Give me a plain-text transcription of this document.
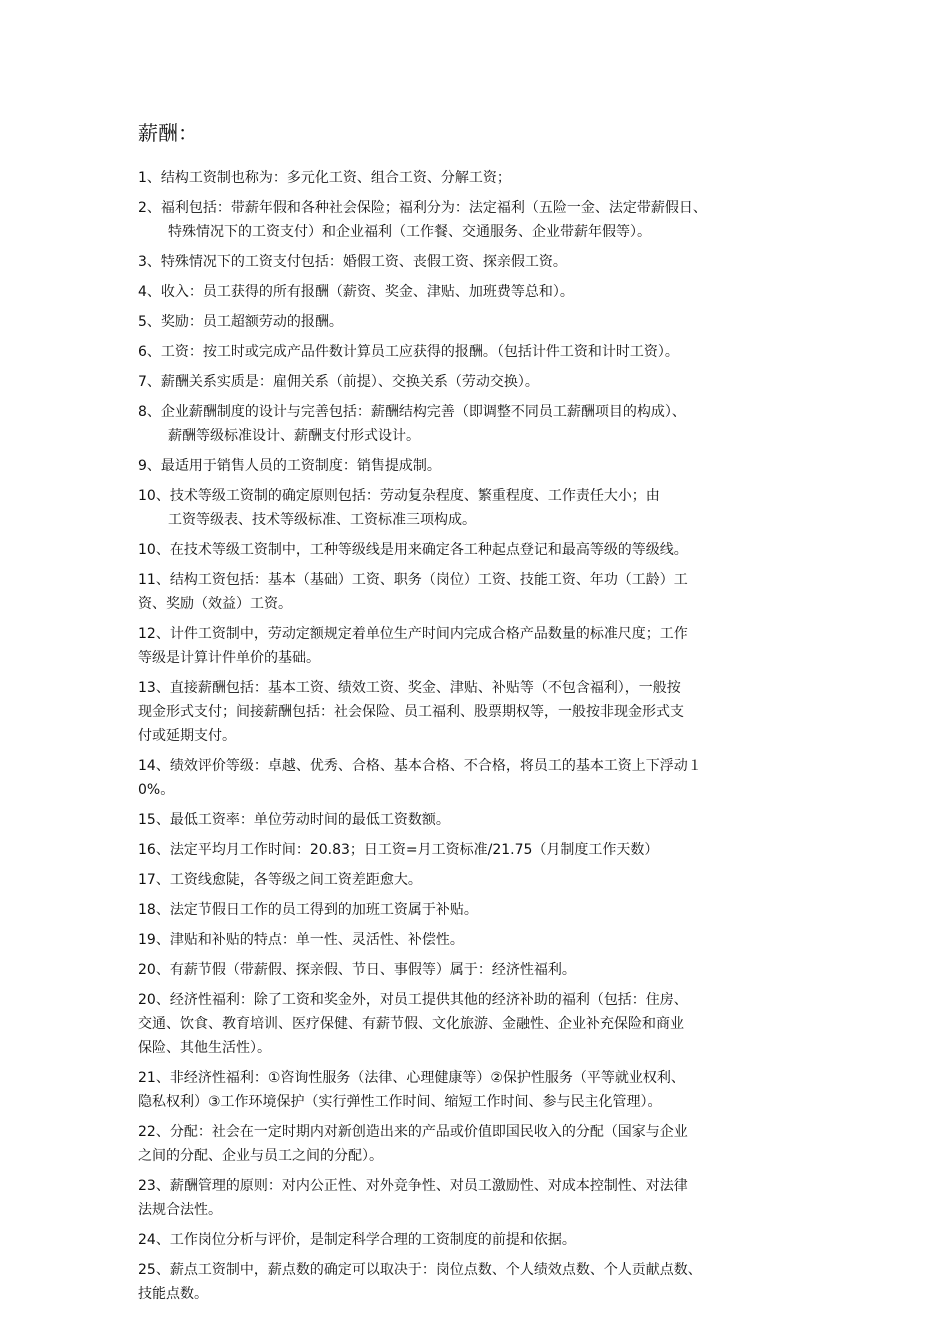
薪酬：
1、结构工资制也称为：多元化工资、组合工资、分解工资；
2、福利包括：带薪年假和各种社会保险；福利分为：法定福利（五险一金、法定带薪假日、
特殊情况下的工资支付）和企业福利（工作餐、交通服务、企业带薪年假等）。
3、特殊情况下的工资支付包括：婚假工资、丧假工资、探亲假工资。
4、收入：员工获得的所有报酬（薪资、奖金、津贴、加班费等总和）。
5、奖励：员工超额劳动的报酬。
6、工资：按工时或完成产品件数计算员工应获得的报酬。（包括计件工资和计时工资）。
7、薪酬关系实质是：雇佣关系（前提）、交换关系（劳动交换）。
8、企业薪酬制度的设计与完善包括：薪酬结构完善（即调整不同员工薪酬项目的构成）、
薪酬等级标准设计、薪酬支付形式设计。
9、最适用于销售人员的工资制度：销售提成制。
10、技术等级工资制的确定原则包括：劳动复杂程度、繁重程度、工作责任大小；由
工资等级表、技术等级标准、工资标准三项构成。
10、在技术等级工资制中，工种等级线是用来确定各工种起点登记和最高等级的等级线。
11、结构工资包括：基本（基础）工资、职务（岗位）工资、技能工资、年功（工龄）工
资、奖励（效益）工资。
12、计件工资制中，劳动定额规定着单位生产时间内完成合格产品数量的标准尺度；工作
等级是计算计件单价的基础。
13、直接薪酬包括：基本工资、绩效工资、奖金、津贴、补贴等（不包含福利），一般按
现金形式支付；间接薪酬包括：社会保险、员工福利、股票期权等，一般按非现金形式支
付或延期支付。
14、绩效评价等级：卓越、优秀、合格、基本合格、不合格，将员工的基本工资上下浮动１
0%。
15、最低工资率：单位劳动时间的最低工资数额。
16、法定平均月工作时间：20.83；日工资=月工资标准/21.75（月制度工作天数）
17、工资线愈陡，各等级之间工资差距愈大。
18、法定节假日工作的员工得到的加班工资属于补贴。
19、津贴和补贴的特点：单一性、灵活性、补偿性。
20、有薪节假（带薪假、探亲假、节日、事假等）属于：经济性福利。
20、经济性福利：除了工资和奖金外，对员工提供其他的经济补助的福利（包括：住房、
交通、饮食、教育培训、医疗保健、有薪节假、文化旅游、金融性、企业补充保险和商业
保险、其他生活性）。
21、非经济性福利：①咨询性服务（法律、心理健康等）②保护性服务（平等就业权利、
隐私权利）③工作环境保护（实行弹性工作时间、缩短工作时间、参与民主化管理）。
22、分配：社会在一定时期内对新创造出来的产品或价值即国民收入的分配（国家与企业
之间的分配、企业与员工之间的分配）。
23、薪酬管理的原则：对内公正性、对外竞争性、对员工激励性、对成本控制性、对法律
法规合法性。
24、工作岗位分析与评价，是制定科学合理的工资制度的前提和依据。
25、薪点工资制中，薪点数的确定可以取决于：岗位点数、个人绩效点数、个人贡献点数、
技能点数。
